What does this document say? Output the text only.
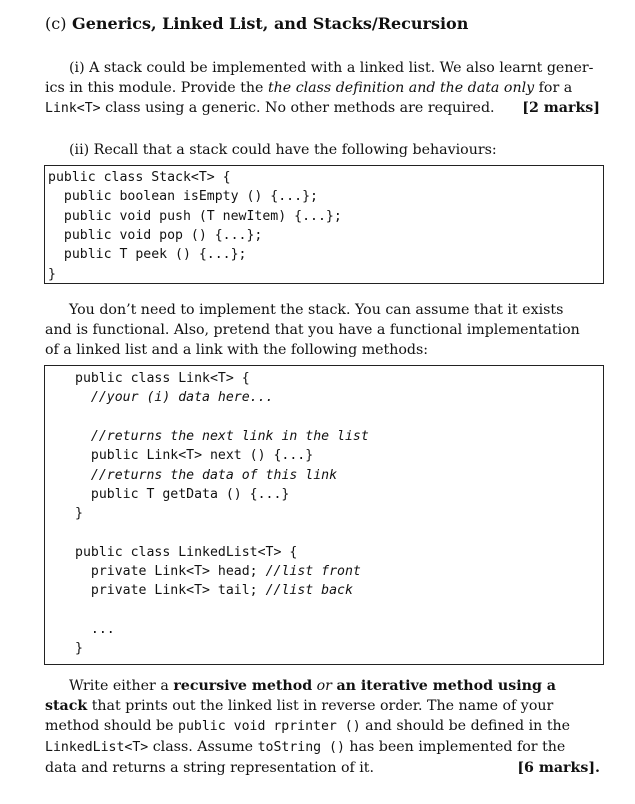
(c) Generics, Linked List, and Stacks/Recursion
(i) A stack could be implemented with a linked list. We also learnt gener-
ics in this module. Provide the the class definition and the data only for a
Link<T> class using a generic. No other methods are required. [2 marks]
(ii) Recall that a stack could have the following behaviours:
public class Stack<T> {
public boolean isEmpty () {...};
public void push (T newItem) {...};
public void pop () {...};
public T peek () {...};
}
You don’t need to implement the stack. You can assume that it exists
and is functional. Also, pretend that you have a functional implementation
of a linked list and a link with the following methods:
public class Link<T> {
//your (i) data here...
//returns the next link in the list
public Link<T> next () {...}
//returns the data of this link
public T getData () {...}
}
public class LinkedList<T> {
private Link<T> head; //list front
private Link<T> tail; //list back
...
}
Write either a recursive method or an iterative method using a
stack that prints out the linked list in reverse order. The name of your
method should be public void rprinter () and should be defined in the
LinkedList<T> class. Assume toString () has been implemented for the
data and returns a string representation of it.	[6 marks].
